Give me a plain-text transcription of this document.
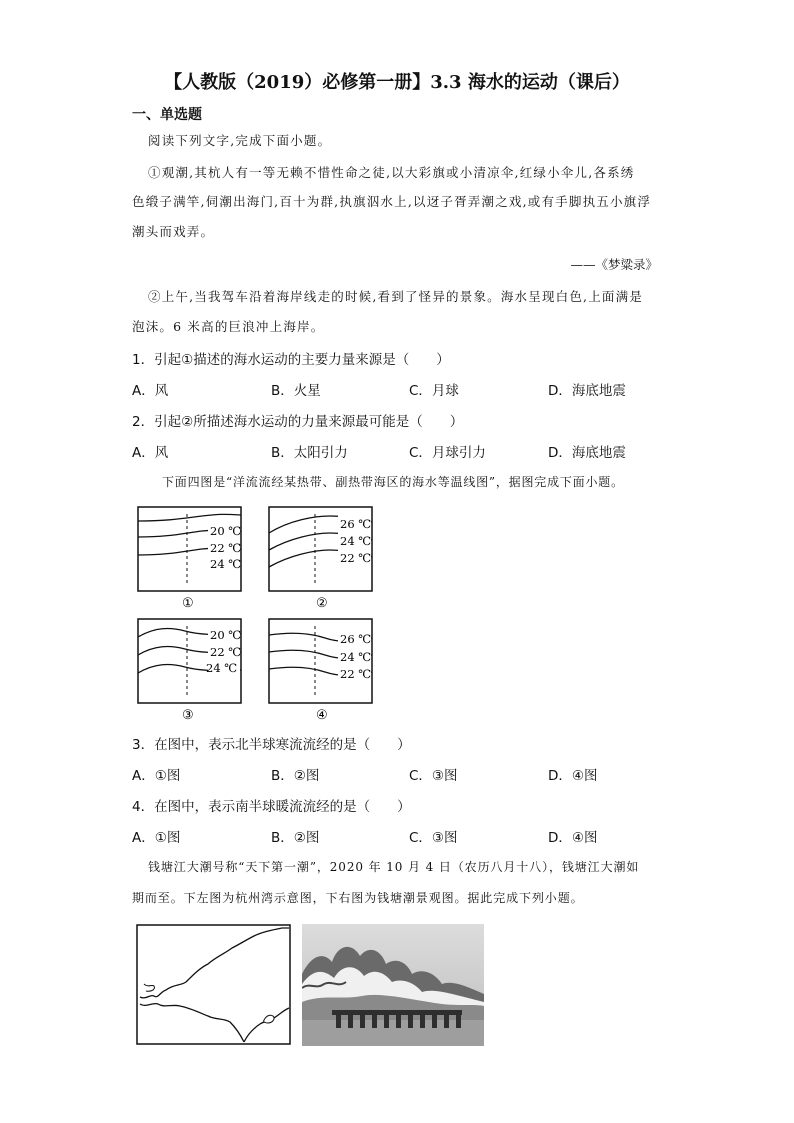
【人教版（2019）必修第一册】3.3 海水的运动（课后）
一、单选题
阅读下列文字,完成下面小题。
①观潮,其杭人有一等无赖不惜性命之徒,以大彩旗或小清凉伞,红绿小伞儿,各系绣
色缎子满竿,伺潮出海门,百十为群,执旗泅水上,以迓子胥弄潮之戏,或有手脚执五小旗浮
潮头而戏弄。
——《梦粱录》
②上午,当我驾车沿着海岸线走的时候,看到了怪异的景象。海水呈现白色,上面满是
泡沫。6 米高的巨浪冲上海岸。
1．引起①描述的海水运动的主要力量来源是（　　）
A．风	B．火星	C．月球	D．海底地震
2．引起②所描述海水运动的力量来源最可能是（　　）
A．风	B．太阳引力	C．月球引力	D．海底地震
下面四图是“洋流流经某热带、副热带海区的海水等温线图”，据图完成下面小题。
20 ℃
22 ℃
24 ℃
①
26 ℃
24 ℃
22 ℃
②
20 ℃
22 ℃
24 ℃
③
26 ℃
24 ℃
22 ℃
④
3．在图中，表示北半球寒流流经的是（　　）
A．①图	B．②图	C．③图	D．④图
4．在图中，表示南半球暖流流经的是（　　）
A．①图	B．②图	C．③图	D．④图
钱塘江大潮号称“天下第一潮”，2020 年 10 月 4 日（农历八月十八），钱塘江大潮如
期而至。下左图为杭州湾示意图，下右图为钱塘潮景观图。据此完成下列小题。
